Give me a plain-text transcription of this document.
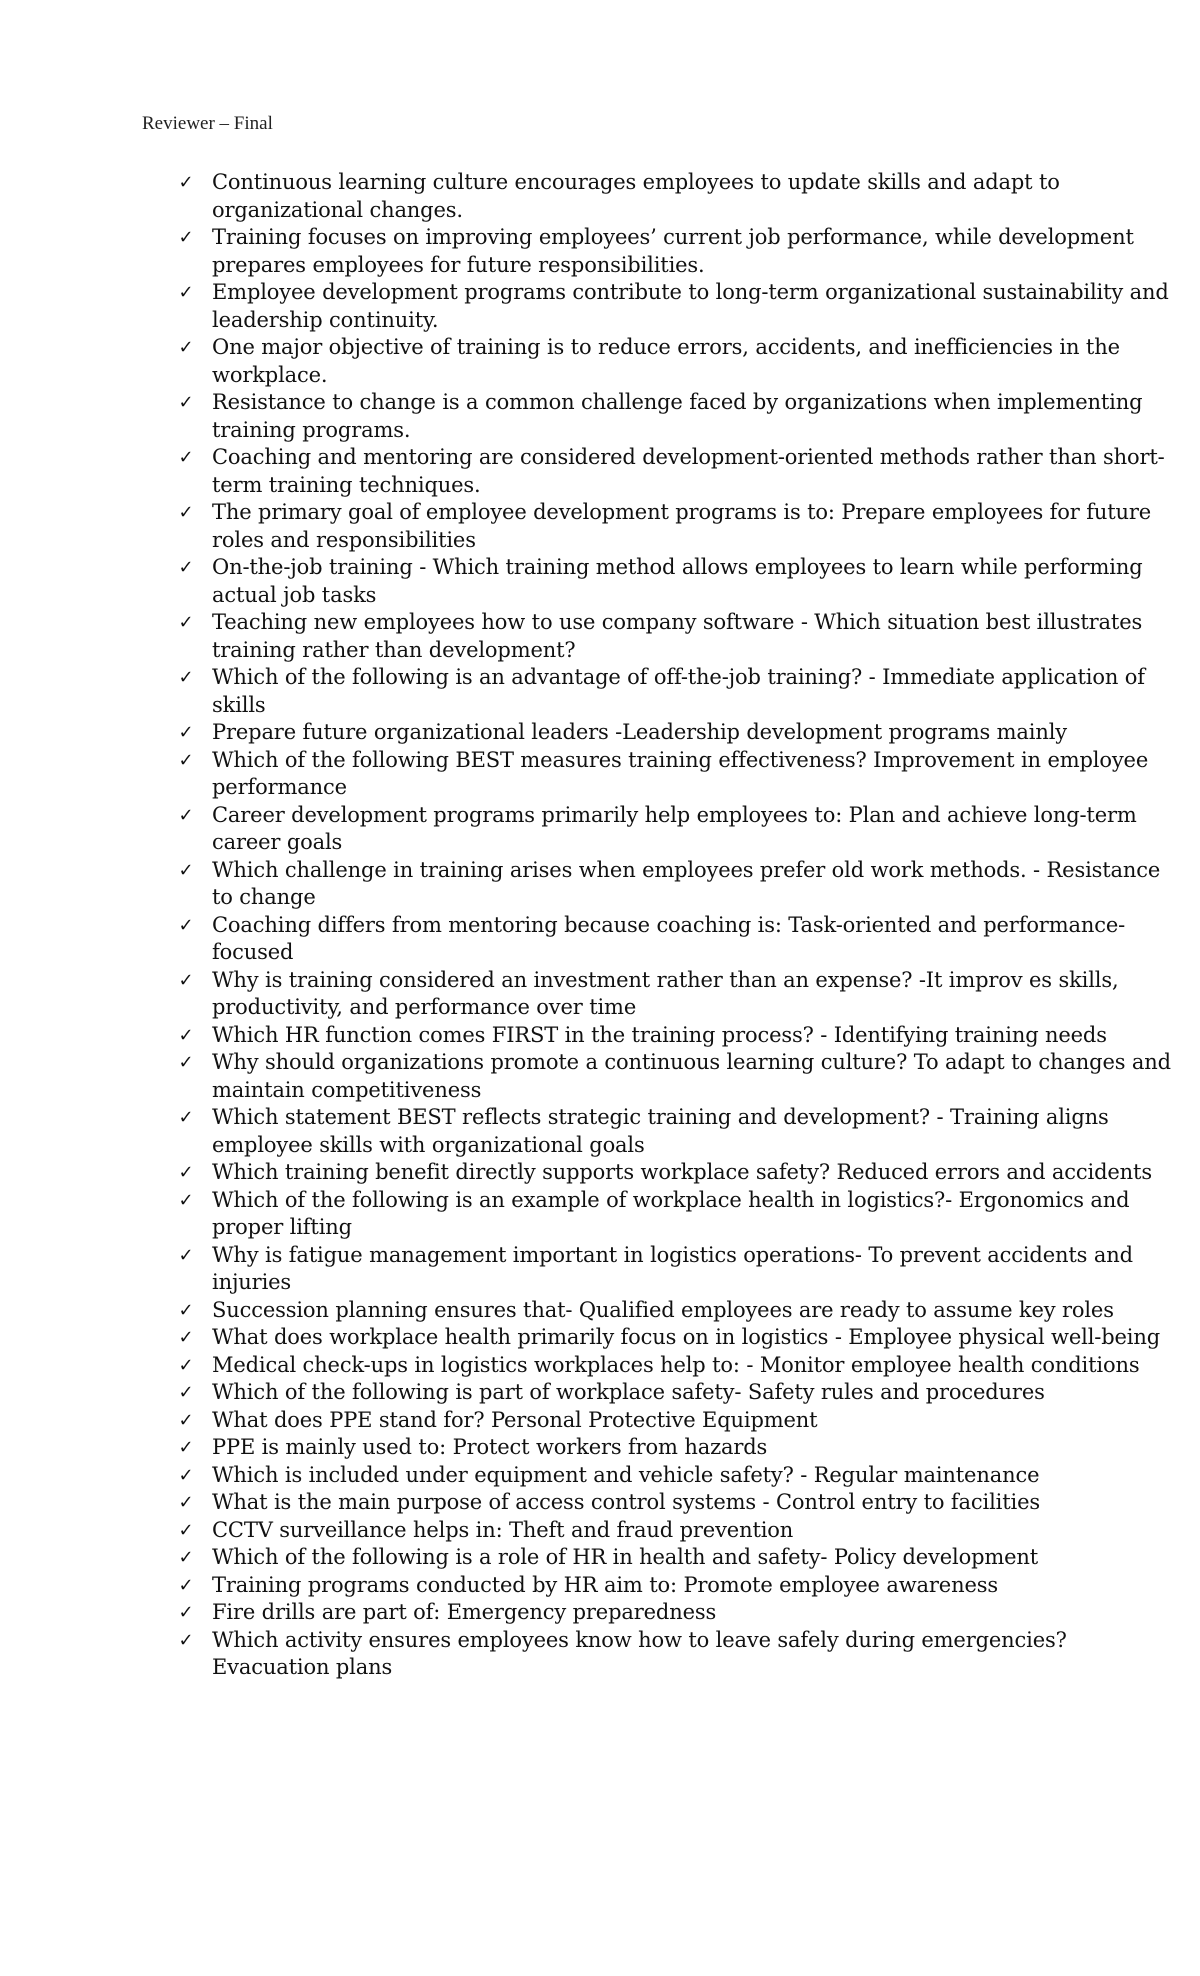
Reviewer – Final
✓ Continuous learning culture encourages employees to update skills and adapt to organizational changes.
✓ Training focuses on improving employees’ current job performance, while development prepares employees for future responsibilities.
✓ Employee development programs contribute to long-term organizational sustainability and leadership continuity.
✓ One major objective of training is to reduce errors, accidents, and inefficiencies in the workplace.
✓ Resistance to change is a common challenge faced by organizations when implementing training programs.
✓ Coaching and mentoring are considered development-oriented methods rather than short-term training techniques.
✓ The primary goal of employee development programs is to: Prepare employees for future roles and responsibilities
✓ On-the-job training - Which training method allows employees to learn while performing actual job tasks
✓ Teaching new employees how to use company software - Which situation best illustrates training rather than development?
✓ Which of the following is an advantage of off-the-job training? - Immediate application of skills
✓ Prepare future organizational leaders -Leadership development programs mainly
✓ Which of the following BEST measures training effectiveness? Improvement in employee performance
✓ Career development programs primarily help employees to: Plan and achieve long-term career goals
✓ Which challenge in training arises when employees prefer old work methods. - Resistance to change
✓ Coaching differs from mentoring because coaching is: Task-oriented and performance-focused
✓ Why is training considered an investment rather than an expense? -It improv es skills, productivity, and performance over time
✓ Which HR function comes FIRST in the training process? - Identifying training needs
✓ Why should organizations promote a continuous learning culture? To adapt to changes and maintain competitiveness
✓ Which statement BEST reflects strategic training and development? - Training aligns employee skills with organizational goals
✓ Which training benefit directly supports workplace safety? Reduced errors and accidents
✓ Which of the following is an example of workplace health in logistics?- Ergonomics and proper lifting
✓ Why is fatigue management important in logistics operations- To prevent accidents and injuries
✓ Succession planning ensures that- Qualified employees are ready to assume key roles
✓ What does workplace health primarily focus on in logistics - Employee physical well-being
✓ Medical check-ups in logistics workplaces help to: - Monitor employee health conditions
✓ Which of the following is part of workplace safety- Safety rules and procedures
✓ What does PPE stand for? Personal Protective Equipment
✓ PPE is mainly used to: Protect workers from hazards
✓ Which is included under equipment and vehicle safety? - Regular maintenance
✓ What is the main purpose of access control systems - Control entry to facilities
✓ CCTV surveillance helps in: Theft and fraud prevention
✓ Which of the following is a role of HR in health and safety- Policy development
✓ Training programs conducted by HR aim to: Promote employee awareness
✓ Fire drills are part of: Emergency preparedness
✓ Which activity ensures employees know how to leave safely during emergencies? Evacuation plans
